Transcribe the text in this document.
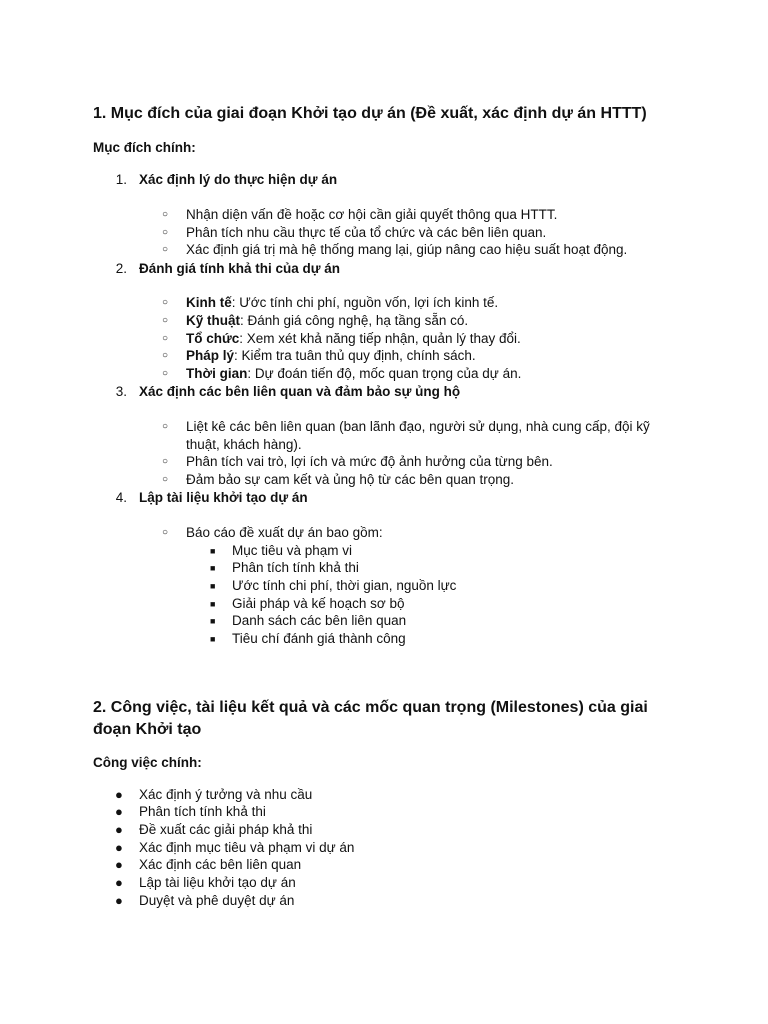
1. Mục đích của giai đoạn Khởi tạo dự án (Đề xuất, xác định dự án HTTT)
Mục đích chính:
1. Xác định lý do thực hiện dự án
○ Nhận diện vấn đề hoặc cơ hội cần giải quyết thông qua HTTT.
○ Phân tích nhu cầu thực tế của tổ chức và các bên liên quan.
○ Xác định giá trị mà hệ thống mang lại, giúp nâng cao hiệu suất hoạt động.
2. Đánh giá tính khả thi của dự án
○ Kinh tế: Ước tính chi phí, nguồn vốn, lợi ích kinh tế.
○ Kỹ thuật: Đánh giá công nghệ, hạ tầng sẵn có.
○ Tổ chức: Xem xét khả năng tiếp nhận, quản lý thay đổi.
○ Pháp lý: Kiểm tra tuân thủ quy định, chính sách.
○ Thời gian: Dự đoán tiến độ, mốc quan trọng của dự án.
3. Xác định các bên liên quan và đảm bảo sự ủng hộ
○ Liệt kê các bên liên quan (ban lãnh đạo, người sử dụng, nhà cung cấp, đội kỹ
thuật, khách hàng).
○ Phân tích vai trò, lợi ích và mức độ ảnh hưởng của từng bên.
○ Đảm bảo sự cam kết và ủng hộ từ các bên quan trọng.
4. Lập tài liệu khởi tạo dự án
○ Báo cáo đề xuất dự án bao gồm:
■ Mục tiêu và phạm vi
■ Phân tích tính khả thi
■ Ước tính chi phí, thời gian, nguồn lực
■ Giải pháp và kế hoạch sơ bộ
■ Danh sách các bên liên quan
■ Tiêu chí đánh giá thành công
2. Công việc, tài liệu kết quả và các mốc quan trọng (Milestones) của giai
đoạn Khởi tạo
Công việc chính:
● Xác định ý tưởng và nhu cầu
● Phân tích tính khả thi
● Đề xuất các giải pháp khả thi
● Xác định mục tiêu và phạm vi dự án
● Xác định các bên liên quan
● Lập tài liệu khởi tạo dự án
● Duyệt và phê duyệt dự án
